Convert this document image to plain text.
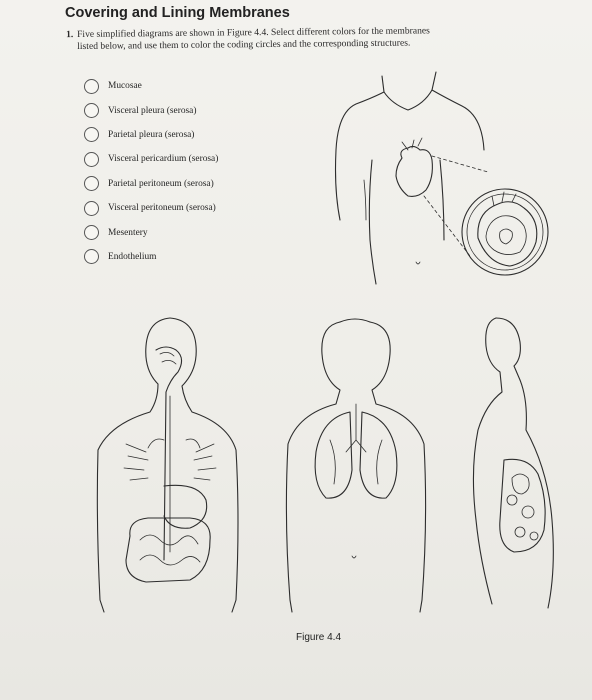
Covering and Lining Membranes
1. Five simplified diagrams are shown in Figure 4.4. Select different colors for the membranes
listed below, and use them to color the coding circles and the corresponding structures.
Mucosae
Visceral pleura (serosa)
Parietal pleura (serosa)
Visceral pericardium (serosa)
Parietal peritoneum (serosa)
Visceral peritoneum (serosa)
Mesentery
Endothelium
Figure 4.4
